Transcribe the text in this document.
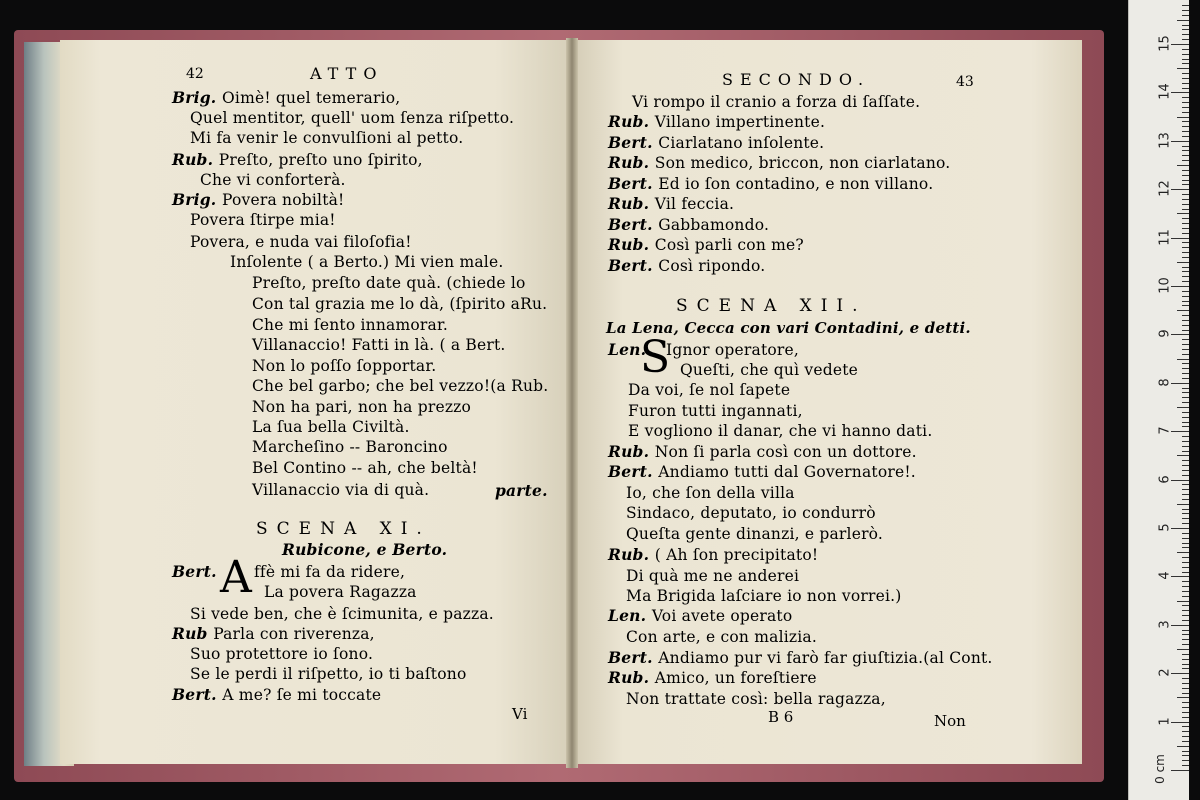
Brig. Oimè! quel temerario,
Quel mentitor, quell' uom ſenza riſpetto.
Mi fa venir le convulſioni al petto.
Rub. Preſto, preſto uno ſpirito,
Che vi conforterà.
Brig. Povera nobiltà!
Povera ſtirpe mia!
Povera, e nuda vai filoſofia!
Inſolente ( a Berto.) Mi vien male.
Preſto, preſto date quà. (chiede lo
Con tal grazia me lo dà, (ſpirito aRu.
Che mi ſento innamorar.
Villanaccio! Fatti in là. ( a Bert.
Non lo poſſo ſopportar.
Che bel garbo; che bel vezzo!(a Rub.
Non ha pari, non ha prezzo
La ſua bella Civiltà.
Marcheſino -- Baroncino
Bel Contino -- ah, che beltà!
Villanaccio via di quà.
Bert. ffè mi fa da ridere,
La povera Ragazza
Si vede ben, che è ſcimunita, e pazza.
Rub Parla con riverenza,
Suo protettore io ſono.
Se le perdi il riſpetto, io ti baſtono
Bert. A me? ſe mi toccate
Vi rompo il cranio a forza di ſaſſate.
Rub. Villano impertinente.
Bert. Ciarlatano inſolente.
Rub. Son medico, briccon, non ciarlatano.
Bert. Ed io ſon contadino, e non villano.
Rub. Vil feccia.
Bert. Gabbamondo.
Rub. Così parli con me?
Bert. Così ripondo.
Len. Ignor operatore,
Queſti, che quì vedete
Da voi, ſe nol ſapete
Furon tutti ingannati,
E vogliono il danar, che vi hanno dati.
Rub. Non ſi parla così con un dottore.
Bert. Andiamo tutti dal Governatore!.
Io, che ſon della villa
Sindaco, deputato, io condurrò
Queſta gente dinanzi, e parlerò.
Rub. ( Ah ſon precipitato!
Di quà me ne anderei
Ma Brigida laſciare io non vorrei.)
Len. Voi avete operato
Con arte, e con malizia.
Bert. Andiamo pur vi farò far giuſtizia.(al Cont.
Rub. Amico, un foreſtiere
Non trattate così: bella ragazza,
42	ATTO
SCENA XI.
Rubicone, e Berto.
A
parte.
Vi
SECONDO.	43
SCENA XII.
La Lena, Cecca con vari Contadini, e detti.
S
B 6	Non	1
2
3
4
5
6
7
8
9
10
11
12
13
14
15
0 cm
